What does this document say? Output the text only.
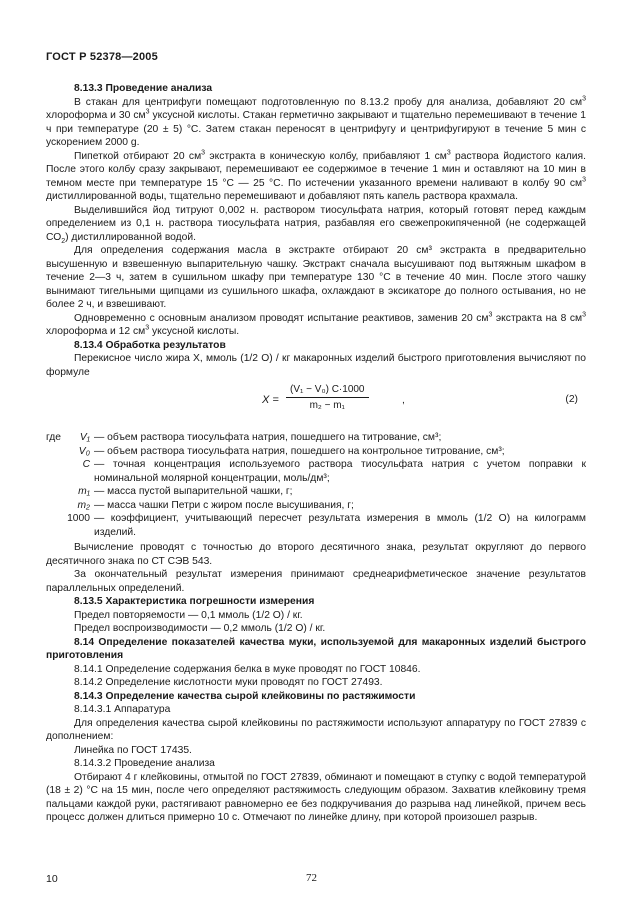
ГОСТ Р 52378—2005

8.13.3 Проведение анализа

В стакан для центрифуги помещают подготовленную по 8.13.2 пробу для анализа, добавляют 20 $см^3$ хлороформа и 30 $см^3$ уксусной кислоты. Стакан герметично закрывают и тщательно перемешивают в течение 1 ч при температуре (20 ± 5) °С. Затем стакан переносят в центрифугу и центрифугируют в течение 5 мин с ускорением 2000 g.

Пипеткой отбирают 20 $см^3$ экстракта в коническую колбу, прибавляют 1 $см^3$ раствора йодистого калия. После этого колбу сразу закрывают, перемешивают ее содержимое в течение 1 мин и оставляют на 10 мин в темном месте при температуре 15 °С — 25 °С. По истечении указанного времени наливают в колбу 90 $см^3$ дистиллированной воды, тщательно перемешивают и добавляют пять капель раствора крахмала.

Выделившийся йод титруют 0,002 н. раствором тиосульфата натрия, который готовят перед каждым определением из 0,1 н. раствора тиосульфата натрия, разбавляя его свежепрокипяченной (не содержащей $СО_2$) дистиллированной водой.

Для определения содержания масла в экстракте отбирают 20 см³ экстракта в предварительно высушенную и взвешенную выпарительную чашку. Экстракт сначала высушивают под вытяжным шкафом в течение 2—3 ч, затем в сушильном шкафу при температуре 130 °С в течение 40 мин. После этого чашку вынимают тигельными щипцами из сушильного шкафа, охлаждают в эксикаторе до полного остывания, но не более 2 ч, и взвешивают.

Одновременно с основным анализом проводят испытание реактивов, заменив 20 $см^3$ экстракта на 8 $см^3$ хлороформа и 12 $см^3$ уксусной кислоты.

8.13.4 Обработка результатов

Перекисное число жира X, ммоль (1/2 О) / кг макаронных изделий быстрого приготовления вычисляют по формуле

$X = \frac{\text{(V₁ − V₀) C·1000}}{\text{m₂ − m₁}}$	,	(2)
где	V₁ — объем раствора тиосульфата натрия, пошедшего на титрование, см³;
V₀ — объем раствора тиосульфата натрия, пошедшего на контрольное титрование, см³;
С — точная концентрация используемого раствора тиосульфата натрия с учетом поправки к номинальной молярной концентрации, моль/дм³;
m₁ — масса пустой выпарительной чашки, г;
m₂ — масса чашки Петри с жиром после высушивания, г;
1000 — коэффициент, учитывающий пересчет результата измерения в ммоль (1/2 О) на килограмм изделий.

Вычисление проводят с точностью до второго десятичного знака, результат округляют до первого десятичного знака по СТ СЭВ 543.

За окончательный результат измерения принимают среднеарифметическое значение результатов параллельных определений.

8.13.5 Характеристика погрешности измерения

Предел повторяемости — 0,1 ммоль (1/2 О) / кг.

Предел воспроизводимости — 0,2 ммоль (1/2 О) / кг.

8.14 Определение показателей качества муки, используемой для макаронных изделий быстрого приготовления

8.14.1 Определение содержания белка в муке проводят по ГОСТ 10846.

8.14.2 Определение кислотности муки проводят по ГОСТ 27493.

8.14.3 Определение качества сырой клейковины по растяжимости

8.14.3.1 Аппаратура

Для определения качества сырой клейковины по растяжимости используют аппаратуру по ГОСТ 27839 с дополнением:

Линейка по ГОСТ 17435.

8.14.3.2 Проведение анализа

Отбирают 4 г клейковины, отмытой по ГОСТ 27839, обминают и помещают в ступку с водой температурой (18 ± 2) °С на 15 мин, после чего определяют растяжимость следующим образом. Захватив клейковину тремя пальцами каждой руки, растягивают равномерно ее без подкручивания до разрыва над линейкой, причем весь процесс должен длиться примерно 10 с. Отмечают по линейке длину, при которой произошел разрыв.

10	72
